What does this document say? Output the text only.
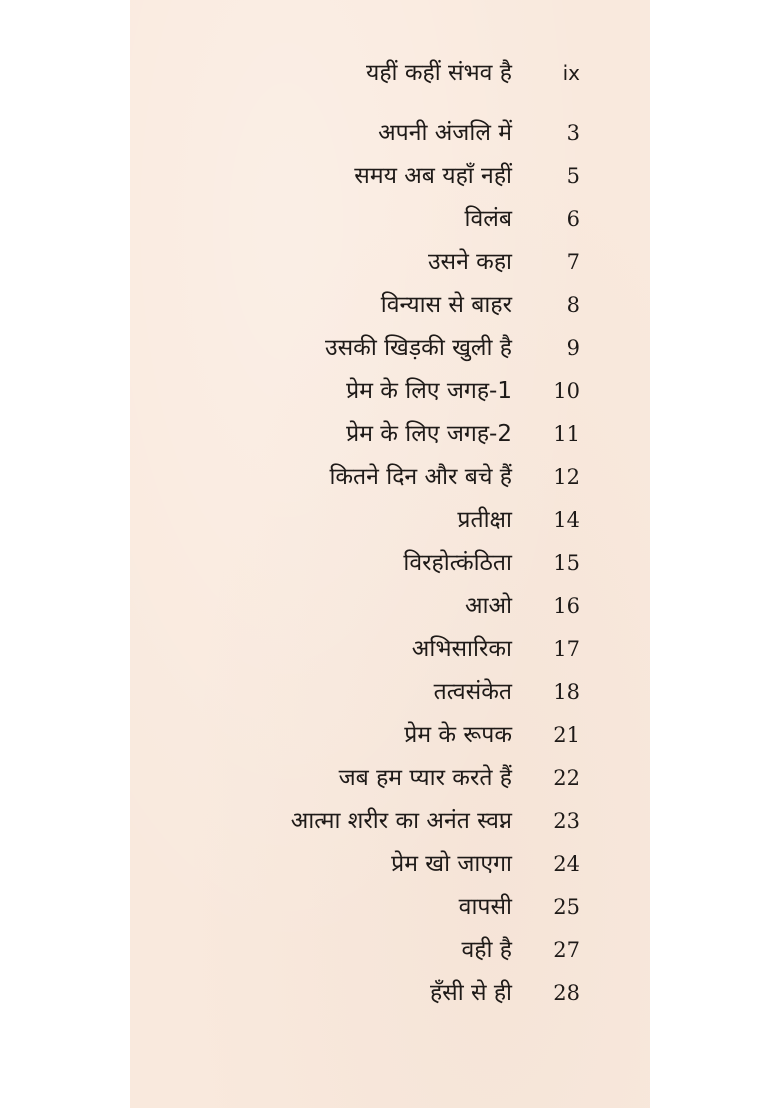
यहीं कहीं संभव है	ix
अपनी अंजलि में	3
समय अब यहाँ नहीं	5
विलंब	6
उसने कहा	7
विन्यास से बाहर	8
उसकी खिड़की खुली है	9
प्रेम के लिए जगह-1	10
प्रेम के लिए जगह-2	11
कितने दिन और बचे हैं	12
प्रतीक्षा	14
विरहोत्कंठिता	15
आओ	16
अभिसारिका	17
तत्वसंकेत	18
प्रेम के रूपक	21
जब हम प्यार करते हैं	22
आत्मा शरीर का अनंत स्वप्न	23
प्रेम खो जाएगा	24
वापसी	25
वही है	27
हँसी से ही	28
